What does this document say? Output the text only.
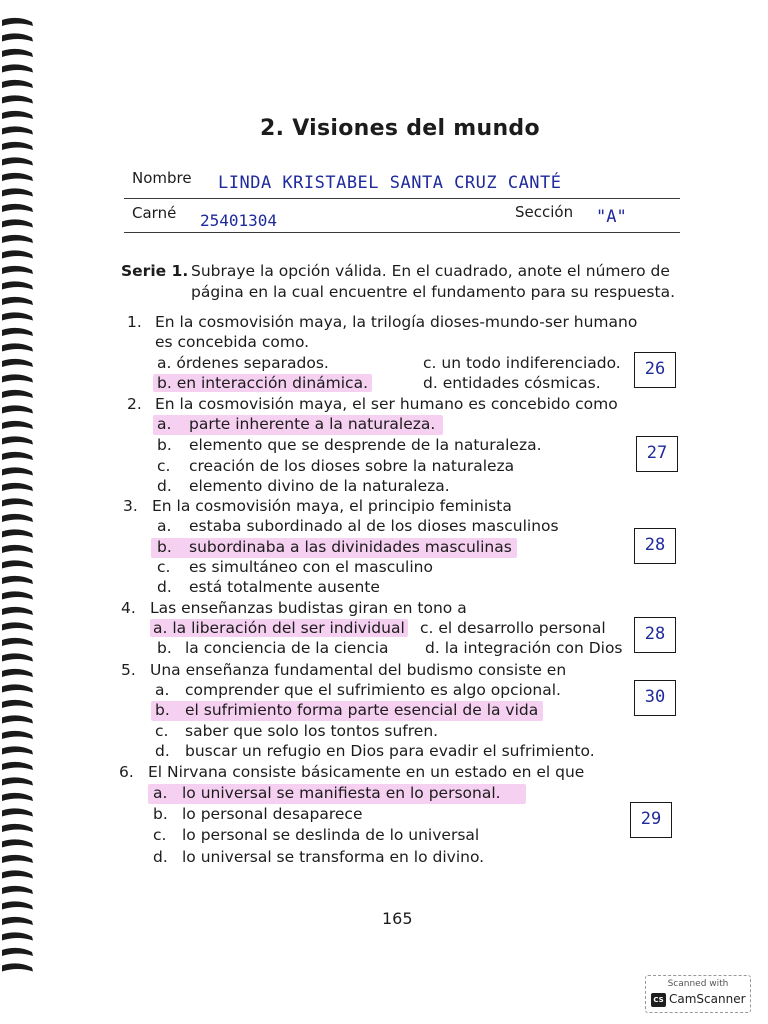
2. Visiones del mundo
Nombre LINDA KRISTABEL SANTA CRUZ CANTÉ
Carné 25401304	Sección "A"
Serie 1. Subraye la opción válida. En el cuadrado, anote el número de
página en la cual encuentre el fundamento para su respuesta.
1. En la cosmovisión maya, la trilogía dioses-mundo-ser humano
es concebida como.
a. órdenes separados.	c. un todo indiferenciado.
b. en interacción dinámica.	d. entidades cósmicas.
26
2. En la cosmovisión maya, el ser humano es concebido como
a. parte inherente a la naturaleza.
b. elemento que se desprende de la naturaleza.
c. creación de los dioses sobre la naturaleza
d. elemento divino de la naturaleza.
27
3. En la cosmovisión maya, el principio feminista
a. estaba subordinado al de los dioses masculinos
b. subordinaba a las divinidades masculinas
c. es simultáneo con el masculino
d. está totalmente ausente
28
4. Las enseñanzas budistas giran en tono a
a. la liberación del ser individual c. el desarrollo personal
b. la conciencia de la ciencia d. la integración con Dios
28
5. Una enseñanza fundamental del budismo consiste en
a. comprender que el sufrimiento es algo opcional.
b. el sufrimiento forma parte esencial de la vida
c. saber que solo los tontos sufren.
d. buscar un refugio en Dios para evadir el sufrimiento.
30
6. El Nirvana consiste básicamente en un estado en el que
a. lo universal se manifiesta en lo personal.
b. lo personal desaparece
c. lo personal se deslinda de lo universal
d. lo universal se transforma en lo divino.
29
165
Scanned with
CS CamScanner
